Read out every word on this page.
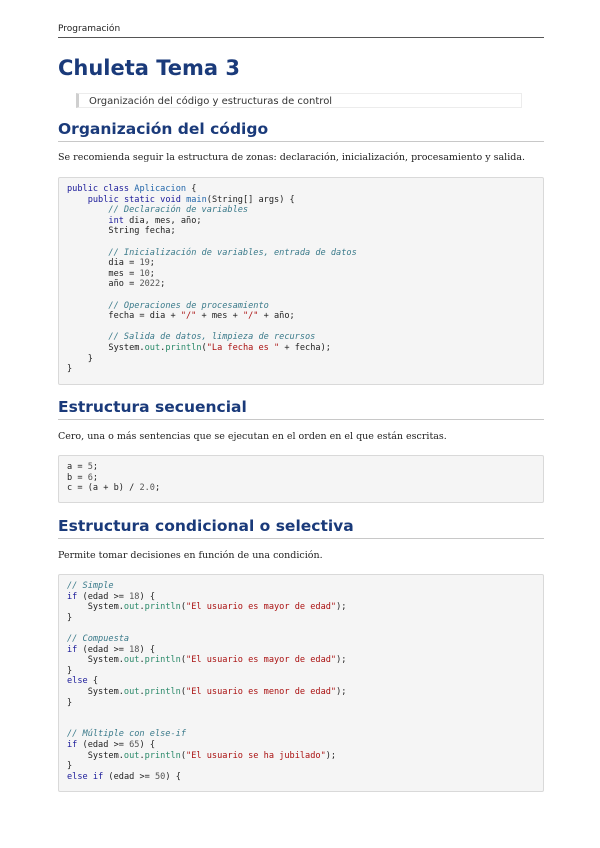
Programación
Chuleta Tema 3
Organización del código y estructuras de control
Organización del código

Se recomienda seguir la estructura de zonas: declaración, inicialización, procesamiento y salida.

public class Aplicacion {
public static void main(String[] args) {
// Declaración de variables
int dia, mes, año;
String fecha;

// Inicialización de variables, entrada de datos
dia = 19;
mes = 10;
año = 2022;

// Operaciones de procesamiento
fecha = dia + "/" + mes + "/" + año;

// Salida de datos, limpieza de recursos
System.out.println("La fecha es " + fecha);
}
}
Estructura secuencial

Cero, una o más sentencias que se ejecutan en el orden en el que están escritas.

a = 5;
b = 6;
c = (a + b) / 2.0;
Estructura condicional o selectiva

Permite tomar decisiones en función de una condición.

// Simple
if (edad >= 18) {
System.out.println("El usuario es mayor de edad");
}

// Compuesta
if (edad >= 18) {
System.out.println("El usuario es mayor de edad");
}
else {
System.out.println("El usuario es menor de edad");
}

// Múltiple con else-if
if (edad >= 65) {
System.out.println("El usuario se ha jubilado");
}
else if (edad >= 50) {
